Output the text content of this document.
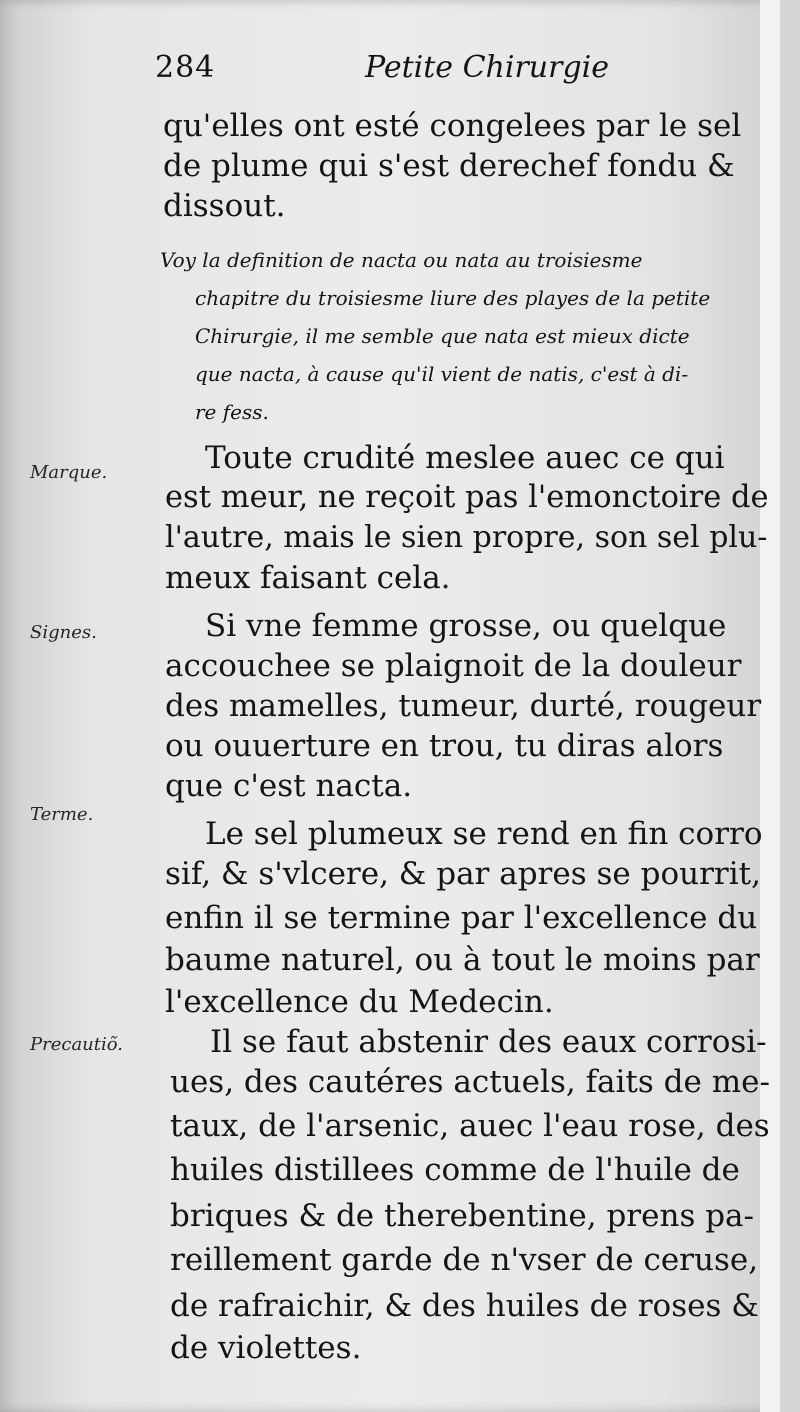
284	Petite Chirurgie
qu'elles ont esté congelees par le sel
de plume qui s'est derechef fondu &
dissout.
Voy la definition de nacta ou nata au troisiesme
chapitre du troisiesme liure des playes de la petite
Chirurgie, il me semble que nata est mieux dicte
que nacta, à cause qu'il vient de natis, c'est à di-
re fess.
Marque.	Toute crudité meslee auec ce qui
est meur, ne reçoit pas l'emonctoire de
l'autre, mais le sien propre, son sel plu-
meux faisant cela.
Signes.	Si vne femme grosse, ou quelque
accouchee se plaignoit de la douleur
des mamelles, tumeur, durté, rougeur
ou ouuerture en trou, tu diras alors
que c'est nacta.
Terme.
Le sel plumeux se rend en fin corro
sif, & s'vlcere, & par apres se pourrit,
enfin il se termine par l'excellence du
baume naturel, ou à tout le moins par
l'excellence du Medecin.
Precautiõ.	Il se faut abstenir des eaux corrosi-
ues, des cautéres actuels, faits de me-
taux, de l'arsenic, auec l'eau rose, des
huiles distillees comme de l'huile de
briques & de therebentine, prens pa-
reillement garde de n'vser de ceruse,
de rafraichir, & des huiles de roses &
de violettes.
